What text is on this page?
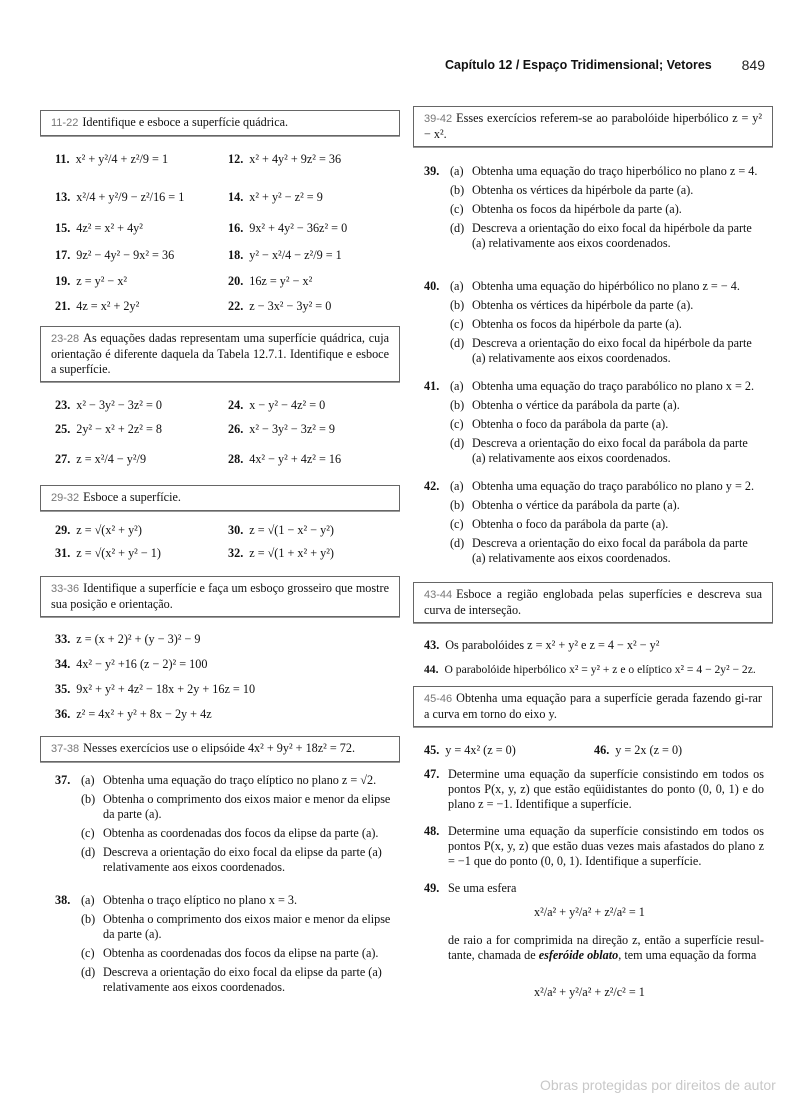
Capítulo 12 / Espaço Tridimensional; Vetores 849
11-22 Identifique e esboce a superfície quádrica.
11. x² + y²/4 + z²/9 = 1	12. x² + 4y² + 9z² = 36
13. x²/4 + y²/9 − z²/16 = 1	14. x² + y² − z² = 9
15. 4z² = x² + 4y²	16. 9x² + 4y² − 36z² = 0
17. 9z² − 4y² − 9x² = 36	18. y² − x²/4 − z²/9 = 1
19. z = y² − x²	20. 16z = y² − x²
21. 4z = x² + 2y²	22. z − 3x² − 3y² = 0
23-28 As equações dadas representam uma superfície quádrica, cuja orientação é diferente daquela da Tabela 12.7.1. Identifique e esboce a superfície.
23. x² − 3y² − 3z² = 0	24. x − y² − 4z² = 0
25. 2y² − x² + 2z² = 8	26. x² − 3y² − 3z² = 9
27. z = x²/4 − y²/9	28. 4x² − y² + 4z² = 16
29-32 Esboce a superfície.
29. z = √(x² + y²)	30. z = √(1 − x² − y²)
31. z = √(x² + y² − 1)	32. z = √(1 + x² + y²)
33-36 Identifique a superfície e faça um esboço grosseiro que mostre sua posição e orientação.
33. z = (x + 2)² + (y − 3)² − 9
34. 4x² − y² +16 (z − 2)² = 100
35. 9x² + y² + 4z² − 18x + 2y + 16z = 10
36. z² = 4x² + y² + 8x − 2y + 4z
37-38 Nesses exercícios use o elipsóide 4x² + 9y² + 18z² = 72.
37. (a) Obtenha uma equação do traço elíptico no plano z = √2.
(b) Obtenha o comprimento dos eixos maior e menor da elipse da parte (a).
(c) Obtenha as coordenadas dos focos da elipse da parte (a).
(d) Descreva a orientação do eixo focal da elipse da parte (a) relativamente aos eixos coordenados.
38. (a) Obtenha o traço elíptico no plano x = 3.
(b) Obtenha o comprimento dos eixos maior e menor da elipse da parte (a).
(c) Obtenha as coordenadas dos focos da elipse na parte (a).
(d) Descreva a orientação do eixo focal da elipse da parte (a) relativamente aos eixos coordenados.
39-42 Esses exercícios referem-se ao parabolóide hiperbólico z = y² − x².
39. (a) Obtenha uma equação do traço hiperbólico no plano z = 4.
(b) Obtenha os vértices da hipérbole da parte (a).
(c) Obtenha os focos da hipérbole da parte (a).
(d) Descreva a orientação do eixo focal da hipérbole da parte (a) relativamente aos eixos coordenados.
40. (a) Obtenha uma equação do hipérbólico no plano z = − 4.
(b) Obtenha os vértices da hipérbole da parte (a).
(c) Obtenha os focos da hipérbole da parte (a).
(d) Descreva a orientação do eixo focal da hipérbole da parte (a) relativamente aos eixos coordenados.
41. (a) Obtenha uma equação do traço parabólico no plano x = 2.
(b) Obtenha o vértice da parábola da parte (a).
(c) Obtenha o foco da parábola da parte (a).
(d) Descreva a orientação do eixo focal da parábola da parte (a) relativamente aos eixos coordenados.
42. (a) Obtenha uma equação do traço parabólico no plano y = 2.
(b) Obtenha o vértice da parábola da parte (a).
(c) Obtenha o foco da parábola da parte (a).
(d) Descreva a orientação do eixo focal da parábola da parte (a) relativamente aos eixos coordenados.
43-44 Esboce a região englobada pelas superfícies e descreva sua curva de interseção.
43. Os parabolóides z = x² + y² e z = 4 − x² − y²
44. O parabolóide hiperbólico x² = y² + z e o elíptico x² = 4 − 2y² − 2z.
45-46 Obtenha uma equação para a superfície gerada fazendo gi-rar a curva em torno do eixo y.
45. y = 4x² (z = 0)	46. y = 2x (z = 0)
47. Determine uma equação da superfície consistindo em todos os pontos P(x, y, z) que estão eqüidistantes do ponto (0, 0, 1) e do plano z = −1. Identifique a superfície.
48. Determine uma equação da superfície consistindo em todos os pontos P(x, y, z) que estão duas vezes mais afastados do plano z = −1 que do ponto (0, 0, 1). Identifique a superfície.
49. Se uma esfera
x²/a² + y²/a² + z²/a² = 1
de raio a for comprimida na direção z, então a superfície resul-tante, chamada de esferóide oblato, tem uma equação da forma
x²/a² + y²/a² + z²/c² = 1
Obras protegidas por direitos de autor
